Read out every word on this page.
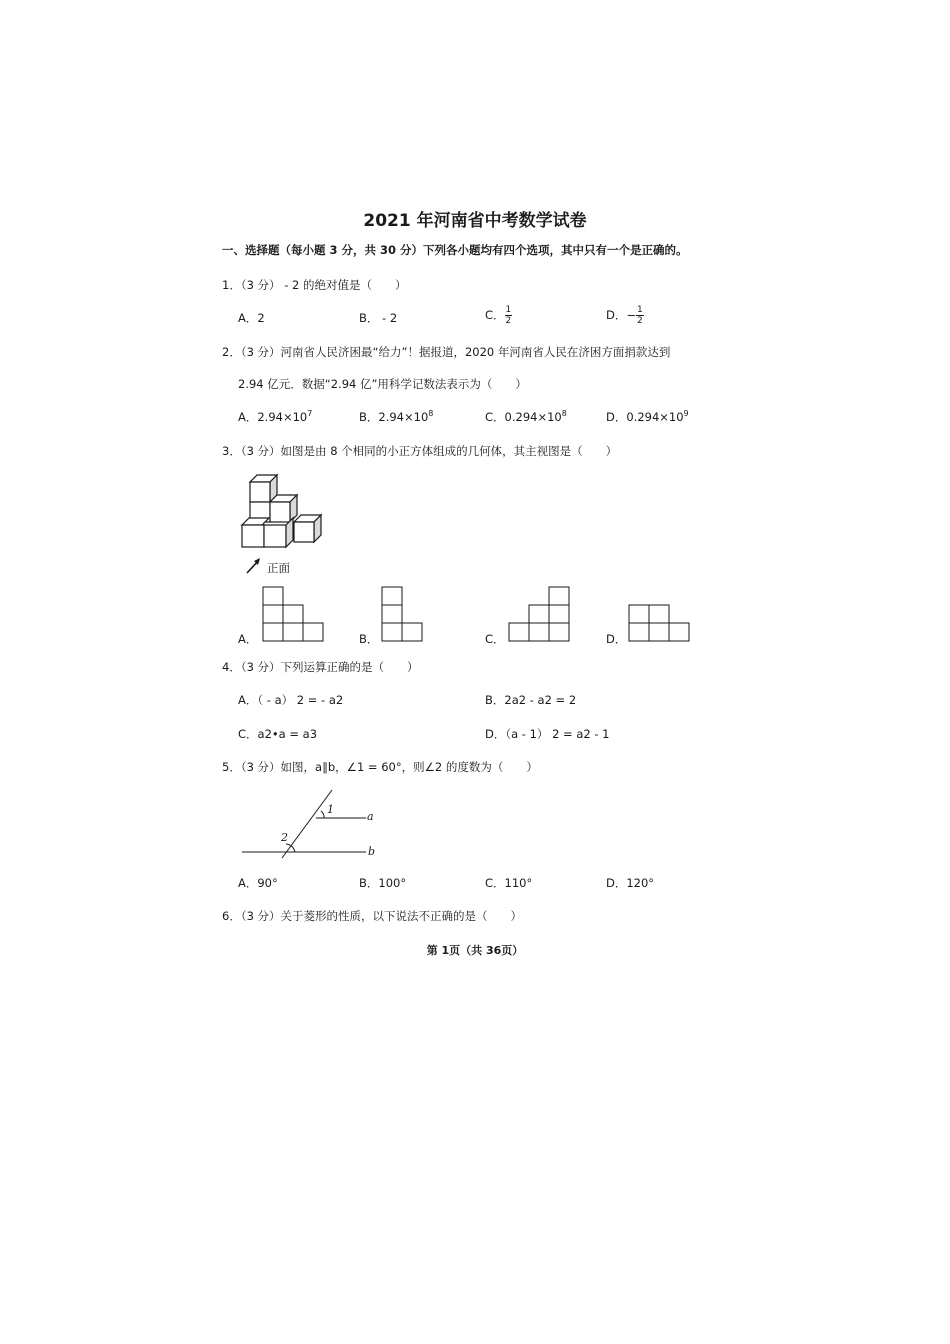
2021 年河南省中考数学试卷
一、选择题（每小题 3 分，共 30 分）下列各小题均有四个选项，其中只有一个是正确的。
1．（3 分） - 2 的绝对值是（　　）
A．2	B． - 2	C． $\frac{1}{2}$	D．− $\frac{1}{2}$
2．（3 分）河南省人民济困最“给力”！据报道，2020 年河南省人民在济困方面捐款达到
2.94 亿元．数据“2.94 亿”用科学记数法表示为（　　）
A．$2.94\times 10^7$	B．$2.94\times 10^8$	C．$0.294\times 10^8$	D．$0.294\times 10^9$
3．（3 分）如图是由 8 个相同的小正方体组成的几何体，其主视图是（　　）
正面
A．	B．	C．	D．
4．（3 分）下列运算正确的是（　　）
A．（ - a） 2 = - a2	B．2a2 - a2 = 2
C．a2•a = a3	D．（a - 1） 2 = a2 - 1
5．（3 分）如图，a∥b，∠1 = 60°，则∠2 的度数为（　　）
1
2
a
b
A．90°	B．100°	C．110°	D．120°
6．（3 分）关于菱形的性质，以下说法不正确的是（　　）
第 1页（共 36页）
